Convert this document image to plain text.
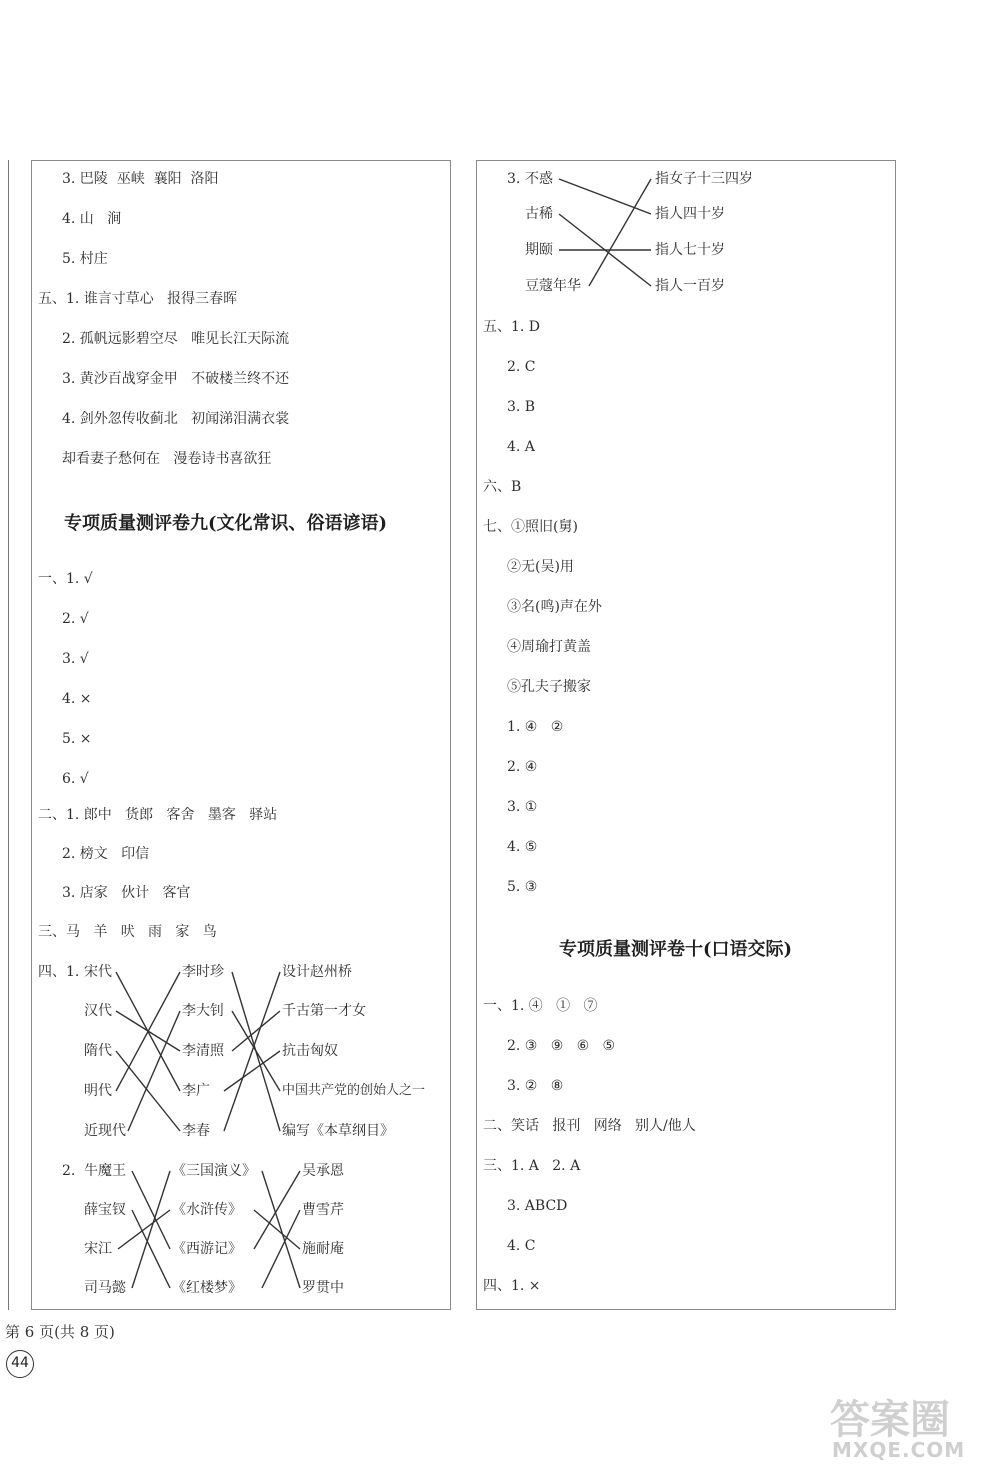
3. 巴陵  巫峡  襄阳  洛阳
4. 山   涧
5. 村庄
五、1. 谁言寸草心   报得三春晖
2. 孤帆远影碧空尽   唯见长江天际流
3. 黄沙百战穿金甲   不破楼兰终不还
4. 剑外忽传收蓟北   初闻涕泪满衣裳
却看妻子愁何在   漫卷诗书喜欲狂
专项质量测评卷九(文化常识、俗语谚语)
一、1. √
2. √
3. √
4. ×
5. ×
6. √
二、1. 郎中   货郎   客舍   墨客   驿站
2. 榜文   印信
3. 店家   伙计   客官
三、马   羊   吠   雨   家   鸟
四、1. 宋代
汉代
隋代
明代
近现代
李时珍
李大钊
李清照
李广
李春
设计赵州桥
千古第一才女
抗击匈奴
中国共产党的创始人之一
编写《本草纲目》
2. 牛魔王
薛宝钗
宋江
司马懿
《三国演义》
《水浒传》
《西游记》
《红楼梦》
吴承恩
曹雪芹
施耐庵
罗贯中
3. 不惑
古稀
期颐
豆蔻年华
指女子十三四岁
指人四十岁
指人七十岁
指人一百岁
五、1. D
2. C
3. B
4. A
六、B
七、①照旧(舅)
②无(吴)用
③名(鸣)声在外
④周瑜打黄盖
⑤孔夫子搬家
1. ④   ②
2. ④
3. ①
4. ⑤
5. ③
专项质量测评卷十(口语交际)
一、1. ④   ①   ⑦
2. ③   ⑨   ⑥   ⑤
3. ②   ⑧
二、笑话   报刊   网络   别人/他人
三、1. A   2. A
3. ABCD
4. C
四、1. ×
第 6 页(共 8 页)
44
答案圈
MXQE.COM
